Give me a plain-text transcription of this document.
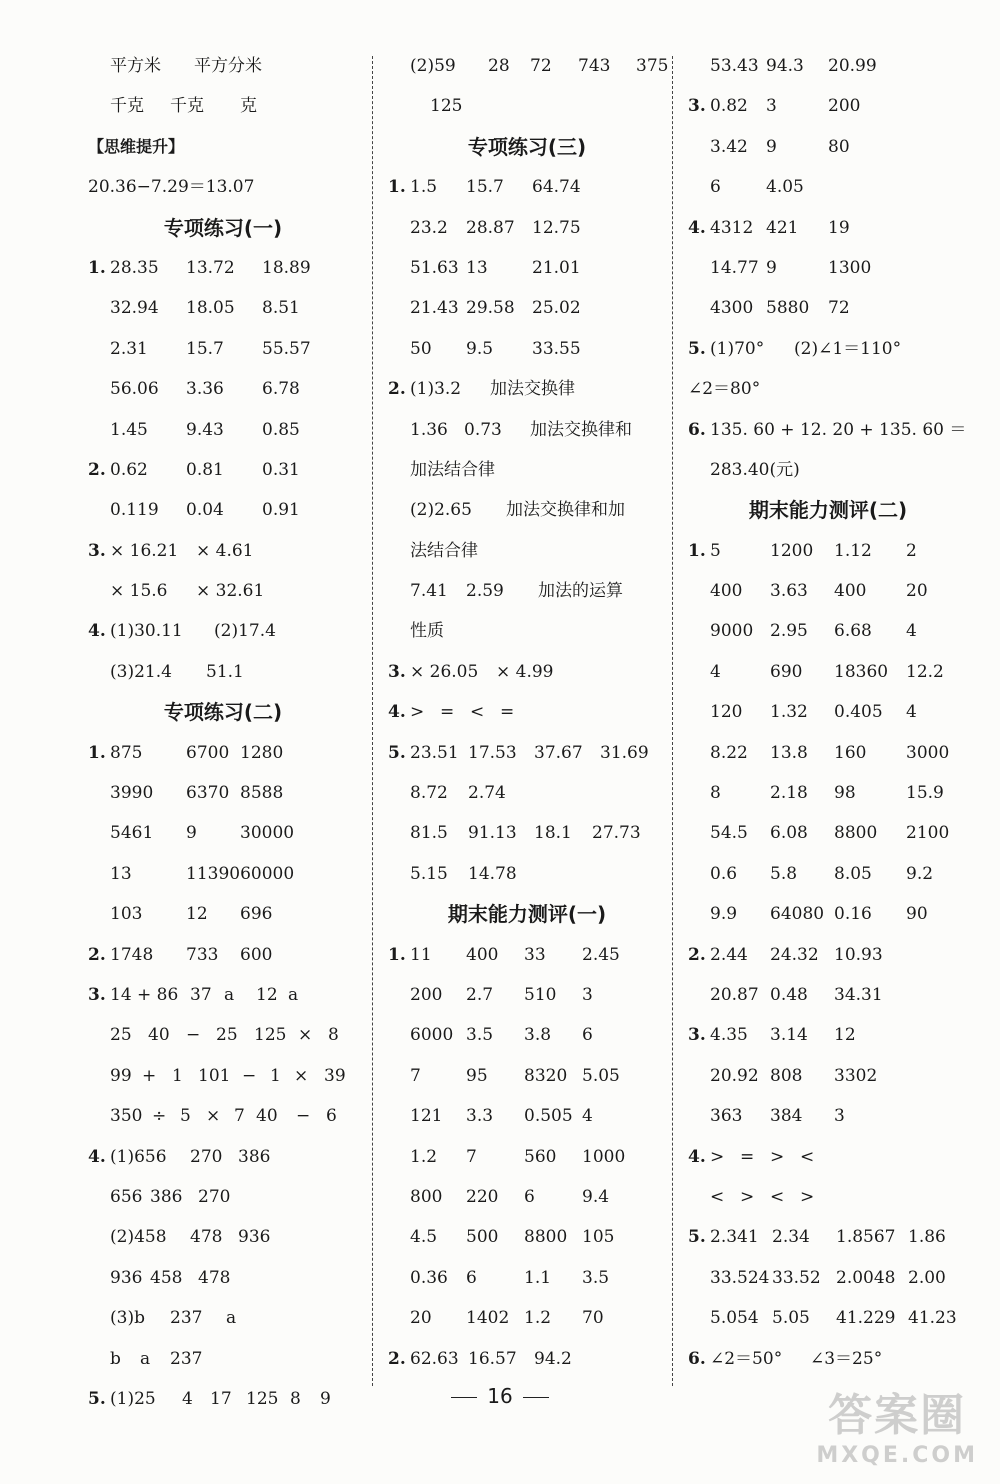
平方米 平方分米
千克 千克 克
【思维提升】
20.36−7.29＝13.07
专项练习(一)
1. 28.35 13.72 18.89
32.94 18.05 8.51
2.31 15.7 55.57
56.06 3.36 6.78
1.45 9.43 0.85
2. 0.62 0.81 0.31
0.119 0.04 0.91
3. × 16.21 × 4.61
× 15.6 × 32.61
4. (1)30.11 (2)17.4
(3)21.4 51.1
专项练习(二)
1. 875	6700 1280
3990 6370 8588
5461 9	30000
13	1139060000
103	12 696
2. 1748 733 600
3. 14 + 86 37 a 12 a
25 40 − 25 125 × 8
99 + 1 101 − 1 × 39
350 ÷ 5 × 7 40 − 6
4. (1)656 270 386
656 386 270
(2)458 478 936
936 458 478
(3)b 237 a
b a 237
5. (1)25 4 17 125 8 9
(2)59 28 72 743 375
125
专项练习(三)
1. 1.5 15.7 64.74
23.2 28.87 12.75
51.63 13	21.01
21.43 29.58 25.02
50 9.5 33.55
2. (1)3.2 加法交换律
1.36 0.73 加法交换律和
加法结合律
(2)2.65 加法交换律和加
法结合律
7.41 2.59 加法的运算
性质
3. × 26.05 × 4.99
4. > = < =
5. 23.51 17.53 37.67 31.69
8.72 2.74
81.5 91.13 18.1 27.73
5.15 14.78
期末能力测评(一)
1. 11 400 33 2.45
200 2.7 510 3
6000 3.5 3.8 6
7	95 8320 5.05
121 3.3 0.505 4
1.2 7	560 1000
800 220 6	9.4
4.5 500 8800 105
0.36 6	1.1 3.5
20 1402 1.2 70
2. 62.63 16.57 94.2
53.43 94.3 20.99
3. 0.82 3	200
3.42 9	80
6	4.05
4. 4312 421 19
14.77 9	1300
4300 5880 72
5. (1)70° (2)∠1＝110°
∠2＝80°
6. 135. 60 + 12. 20 + 135. 60 ＝
283.40(元)
期末能力测评(二)
1. 5	1200 1.12 2
400 3.63 400 20
9000 2.95 6.68 4
4	690 18360 12.2
120 1.32 0.405 4
8.22 13.8 160 3000
8	2.18 98	15.9
54.5 6.08 8800 2100
0.6 5.8 8.05 9.2
9.9 64080 0.16 90
2. 2.44 24.32 10.93
20.87 0.48 34.31
3. 4.35 3.14 12
20.92 808 3302
363 384 3
4. > = > <
< > < >
5. 2.341 2.34 1.8567 1.86
33.524 33.52 2.0048 2.00
5.054 5.05 41.229 41.23
6. ∠2＝50° ∠3＝25°
16	答案圈
MXQE.COM
